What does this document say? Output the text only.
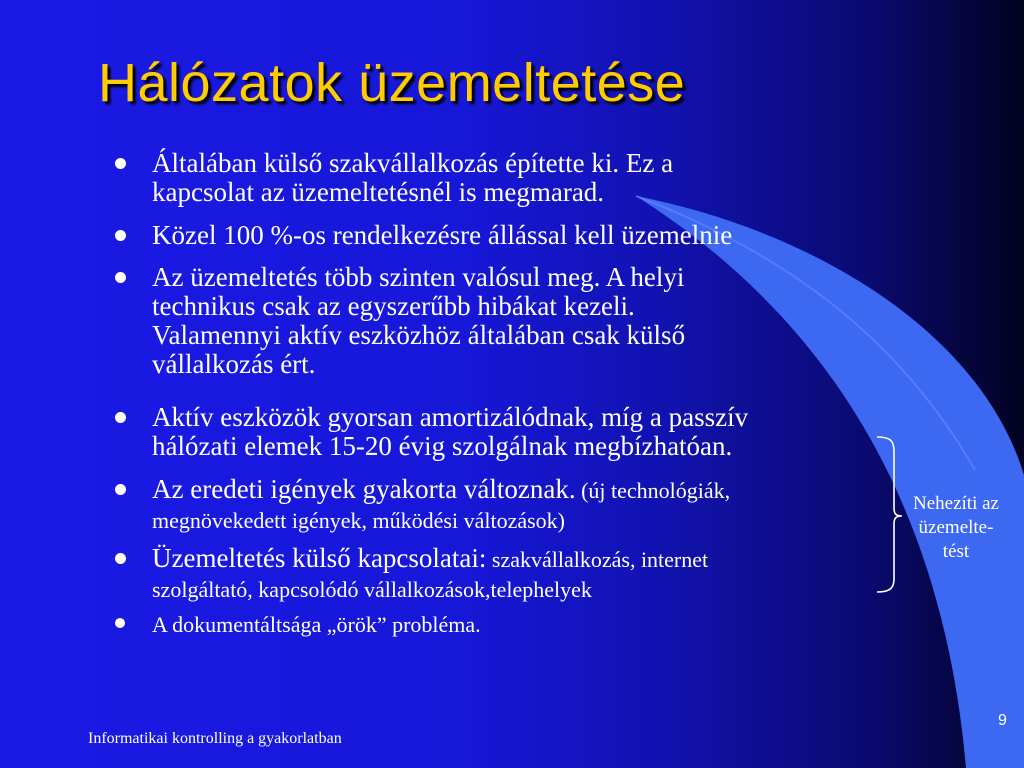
Hálózatok üzemeltetése
Általában külső szakvállalkozás építette ki. Ez a
kapcsolat az üzemeltetésnél is megmarad.
Közel 100 %-os rendelkezésre állással kell üzemelnie
Az üzemeltetés több szinten valósul meg. A helyi
technikus csak az egyszerűbb hibákat kezeli.
Valamennyi aktív eszközhöz általában csak külső
vállalkozás ért.
Aktív eszközök gyorsan amortizálódnak, míg a passzív
hálózati elemek 15-20 évig szolgálnak megbízhatóan.
Az eredeti igények gyakorta változnak. (új technológiák,
megnövekedett igények, működési változások)
Üzemeltetés külső kapcsolatai: szakvállalkozás, internet
szolgáltató, kapcsolódó vállalkozások,telephelyek
A dokumentáltsága „örök” probléma.
Nehezíti az
üzemelte-
tést
Informatikai kontrolling a gyakorlatban
9
